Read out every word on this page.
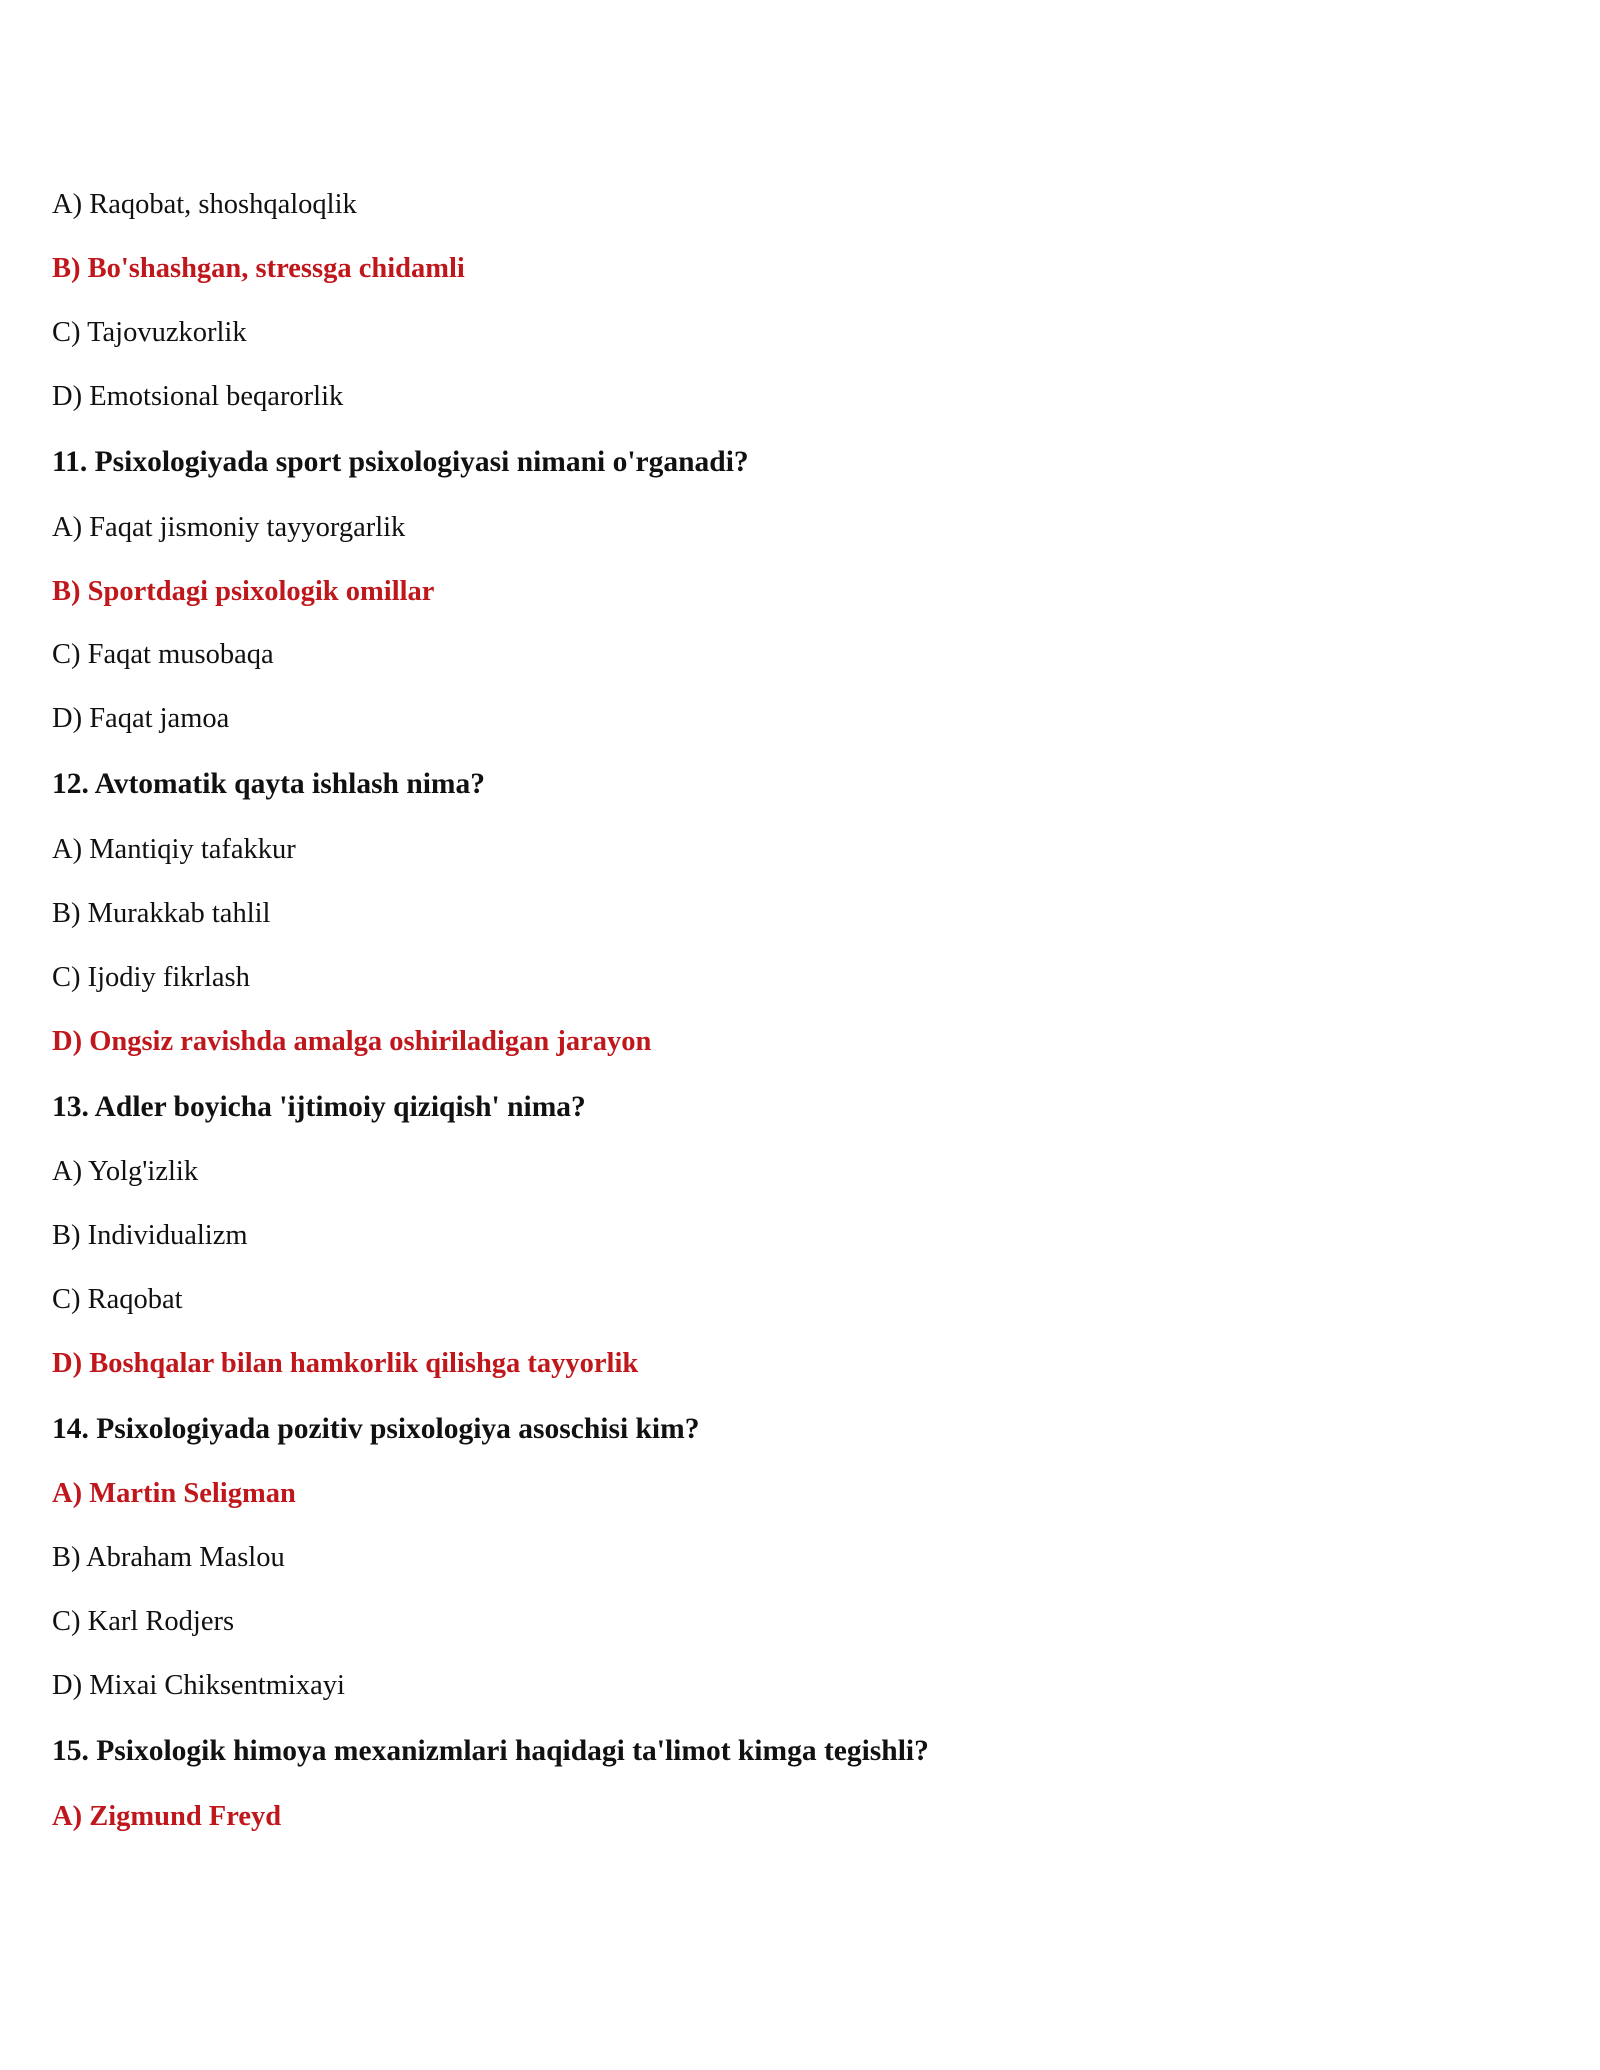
A) Raqobat, shoshqaloqlik
B) Bo'shashgan, stressga chidamli
C) Tajovuzkorlik
D) Emotsional beqarorlik
11. Psixologiyada sport psixologiyasi nimani o'rganadi?
A) Faqat jismoniy tayyorgarlik
B) Sportdagi psixologik omillar
C) Faqat musobaqa
D) Faqat jamoa
12. Avtomatik qayta ishlash nima?
A) Mantiqiy tafakkur
B) Murakkab tahlil
C) Ijodiy fikrlash
D) Ongsiz ravishda amalga oshiriladigan jarayon
13. Adler boyicha 'ijtimoiy qiziqish' nima?
A) Yolg'izlik
B) Individualizm
C) Raqobat
D) Boshqalar bilan hamkorlik qilishga tayyorlik
14. Psixologiyada pozitiv psixologiya asoschisi kim?
A) Martin Seligman
B) Abraham Maslou
C) Karl Rodjers
D) Mixai Chiksentmixayi
15. Psixologik himoya mexanizmlari haqidagi ta'limot kimga tegishli?
A) Zigmund Freyd
